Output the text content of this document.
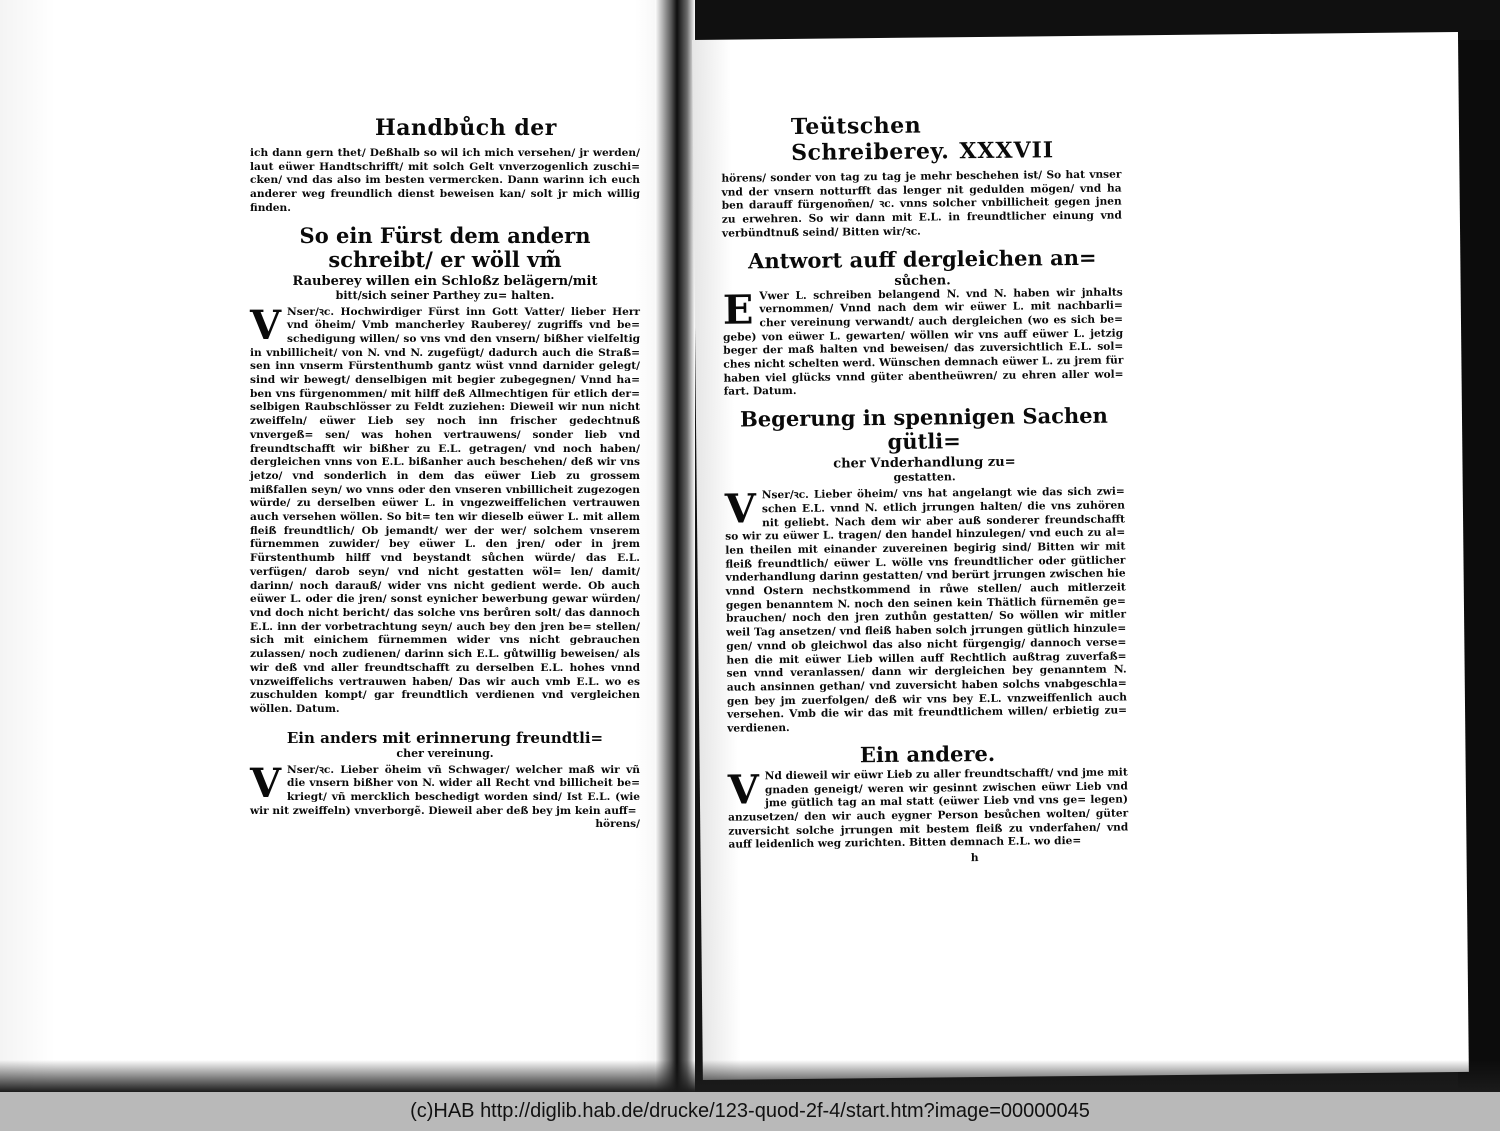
Handbůch der

ich dann gern thet/ Deßhalb so wil ich mich versehen/ jr werden/ laut eüwer Handtschrifft/ mit solch Gelt vnverzogenlich zuschi= cken/ vnd das also im besten vermercken. Dann warinn ich euch anderer weg freundlich dienst beweisen kan/ solt jr mich willig finden.

So ein Fürst dem andern schreibt/ er wöll vm̃
Rauberey willen ein Schloßz belägern/mit
bitt/sich seiner Parthey zu= halten.
V Nser/ꝛc. Hochwirdiger Fürst inn Gott Vatter/ lieber Herr vnd öheim/ Vmb mancherley Rauberey/ zugriffs vnd be= schedigung willen/ so vns vnd den vnsern/ bißher vielfeltig in vnbillicheit/ von N. vnd N. zugefügt/ dadurch auch die Straß= sen inn vnserm Fürstenthumb gantz wüst vnnd darnider gelegt/ sind wir bewegt/ denselbigen mit begier zubegegnen/ Vnnd ha= ben vns fürgenommen/ mit hilff deß Allmechtigen für etlich der= selbigen Raubschlösser zu Feldt zuziehen: Dieweil wir nun nicht zweiffeln/ eüwer Lieb sey noch inn frischer gedechtnuß vnvergeß= sen/ was hohen vertrauwens/ sonder lieb vnd freundtschafft wir bißher zu E.L. getragen/ vnd noch haben/ dergleichen vnns von E.L. bißanher auch beschehen/ deß wir vns jetzo/ vnd sonderlich in dem das eüwer Lieb zu grossem mißfallen seyn/ wo vnns oder den vnseren vnbillicheit zugezogen würde/ zu derselben eüwer L. in vngezweiffelichen vertrauwen auch versehen wöllen. So bit= ten wir dieselb eüwer L. mit allem fleiß freundtlich/ Ob jemandt/ wer der wer/ solchem vnserem fürnemmen zuwider/ bey eüwer L. den jren/ oder in jrem Fürstenthumb hilff vnd beystandt sůchen würde/ das E.L. verfügen/ darob seyn/ vnd nicht gestatten wöl= len/ damit/ darinn/ noch darauß/ wider vns nicht gedient werde. Ob auch eüwer L. oder die jren/ sonst eynicher bewerbung gewar würden/ vnd doch nicht bericht/ das solche vns berůren solt/ das dannoch E.L. inn der vorbetrachtung seyn/ auch bey den jren be= stellen/ sich mit einichem fürnemmen wider vns nicht gebrauchen zulassen/ noch zudienen/ darinn sich E.L. gůtwillig beweisen/ als wir deß vnd aller freundtschafft zu derselben E.L. hohes vnnd vnzweiffelichs vertrauwen haben/ Das wir auch vmb E.L. wo es zuschulden kompt/ gar freundtlich verdienen vnd vergleichen wöllen. Datum.

Ein anders mit erinnerung freundtli=
cher vereinung.
V Nser/ꝛc. Lieber öheim vñ Schwager/ welcher maß wir vñ die vnsern bißher von N. wider all Recht vnd billicheit be= kriegt/ vñ mercklich beschedigt worden sind/ Ist E.L. (wie wir nit zweiffeln) vnverborgẽ. Dieweil aber deß bey jm kein auff=

hörens/

Teütschen Schreiberey. XXXVII

hörens/ sonder von tag zu tag je mehr beschehen ist/ So hat vnser vnd der vnsern notturfft das lenger nit gedulden mögen/ vnd ha ben darauff fürgenom̃en/ ꝛc. vnns solcher vnbillicheit gegen jnen zu erwehren. So wir dann mit E.L. in freundtlicher einung vnd verbündtnuß seind/ Bitten wir/ꝛc.

Antwort auff dergleichen an=
sůchen.
E Vwer L. schreiben belangend N. vnd N. haben wir jnhalts vernommen/ Vnnd nach dem wir eüwer L. mit nachbarli= cher vereinung verwandt/ auch dergleichen (wo es sich be= gebe) von eüwer L. gewarten/ wöllen wir vns auff eüwer L. jetzig beger der maß halten vnd beweisen/ das zuversichtlich E.L. sol= ches nicht schelten werd. Wünschen demnach eüwer L. zu jrem für haben viel glücks vnnd güter abentheüwren/ zu ehren aller wol= fart. Datum.

Begerung in spennigen Sachen gütli=
cher Vnderhandlung zu=
gestatten.
V Nser/ꝛc. Lieber öheim/ vns hat angelangt wie das sich zwi= schen E.L. vnnd N. etlich jrrungen halten/ die vns zuhören nit geliebt. Nach dem wir aber auß sonderer freundschafft so wir zu eüwer L. tragen/ den handel hinzulegen/ vnd euch zu al= len theilen mit einander zuvereinen begirig sind/ Bitten wir mit fleiß freundtlich/ eüwer L. wölle vns freundtlicher oder gütlicher vnderhandlung darinn gestatten/ vnd berürt jrrungen zwischen hie vnnd Ostern nechstkommend in růwe stellen/ auch mitlerzeit gegen benanntem N. noch den seinen kein Thätlich fürnemẽn ge= brauchen/ noch den jren zuthůn gestatten/ So wöllen wir mitler weil Tag ansetzen/ vnd fleiß haben solch jrrungen gütlich hinzule= gen/ vnnd ob gleichwol das also nicht fürgengig/ dannoch verse= hen die mit eüwer Lieb willen auff Rechtlich außtrag zuverfaß= sen vnnd veranlassen/ dann wir dergleichen bey genanntem N. auch ansinnen gethan/ vnd zuversicht haben solchs vnabgeschla= gen bey jm zuerfolgen/ deß wir vns bey E.L. vnzweiffenlich auch versehen. Vmb die wir das mit freundtlichem willen/ erbietig zu= verdienen.

Ein andere.
V Nd dieweil wir eüwr Lieb zu aller freundtschafft/ vnd jme mit gnaden geneigt/ weren wir gesinnt zwischen eüwr Lieb vnd jme gütlich tag an mal statt (eüwer Lieb vnd vns ge= legen) anzusetzen/ den wir auch eygner Person besůchen wolten/ güter zuversicht solche jrrungen mit bestem fleiß zu vnderfahen/ vnd auff leidenlich weg zurichten. Bitten demnach E.L. wo die=

h

(c)HAB http://diglib.hab.de/drucke/123-quod-2f-4/start.htm?image=00000045
